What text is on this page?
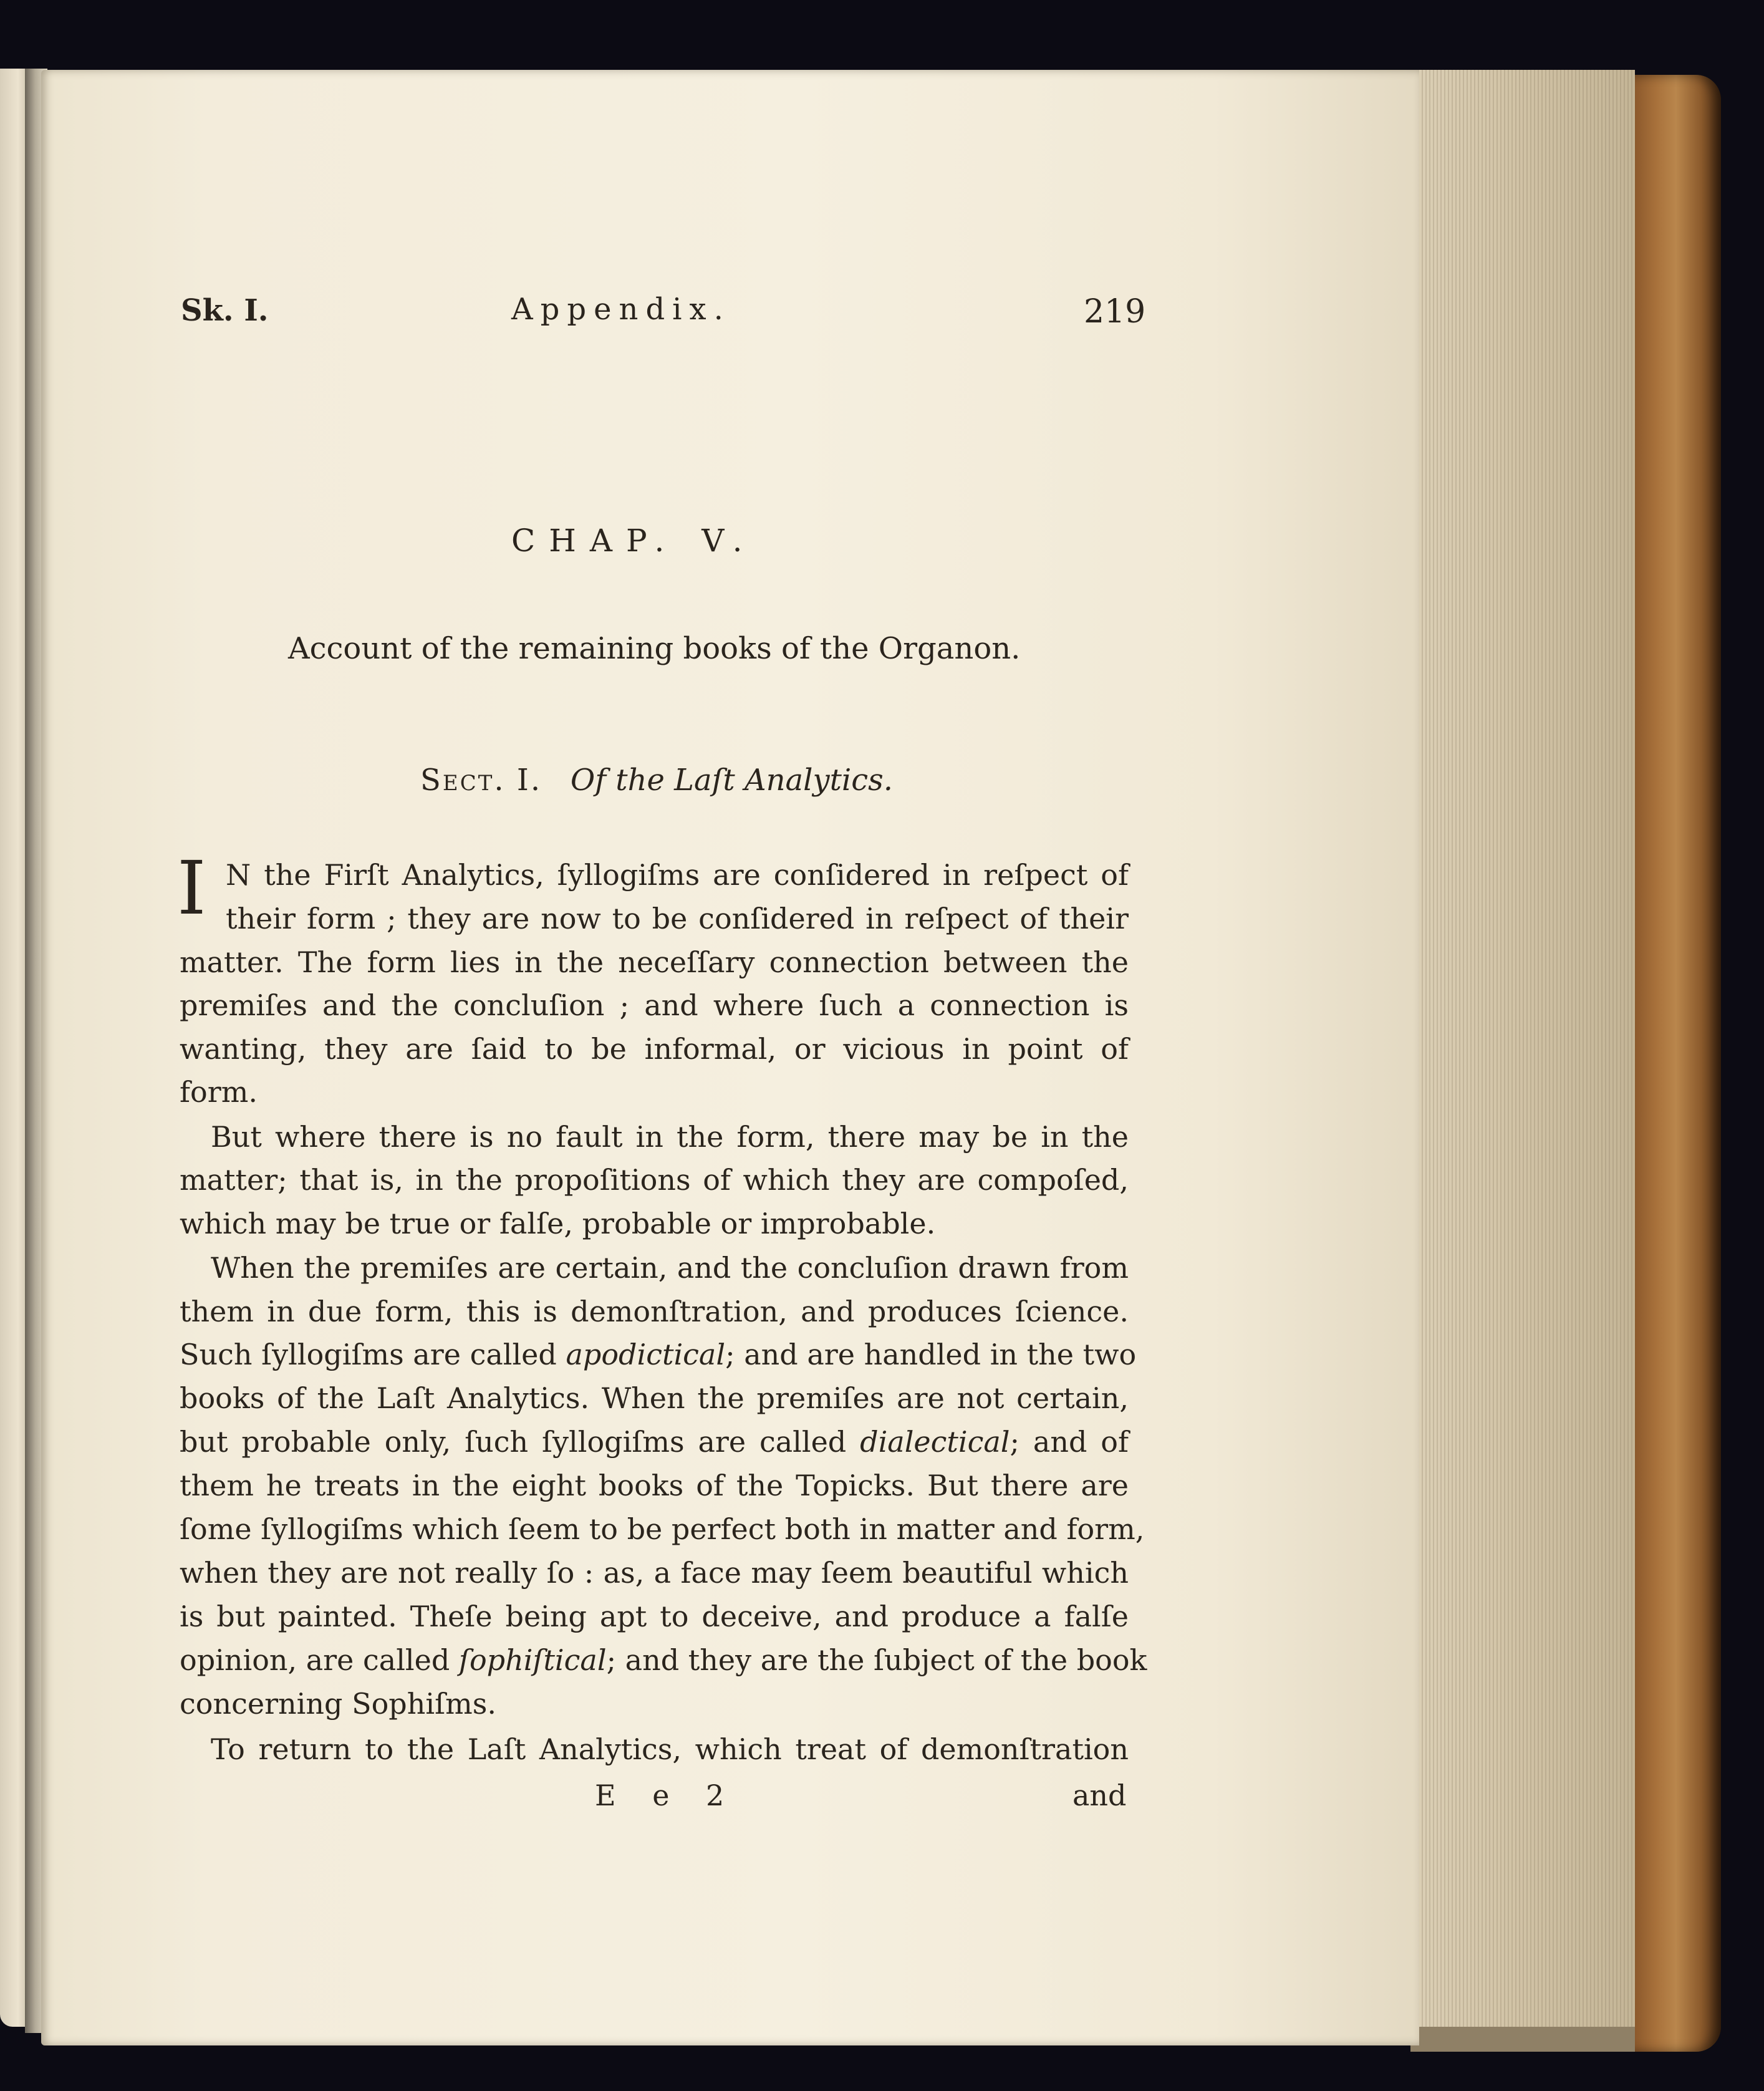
Sk. I.	Appendix.	219
CHAP. V.
Account of the remaining books of the Organon.
Sect. I. Of the Laſt Analytics.
I N the Firſt Analytics, ſyllogiſms are conſidered in reſpect of
their form ; they are now to be conſidered in reſpect of their
matter. The form lies in the neceſſary connection between the
premiſes and the concluſion ; and where ſuch a connection is
wanting, they are ſaid to be informal, or vicious in point of
form.
But where there is no fault in the form, there may be in the
matter; that is, in the propoſitions of which they are compoſed,
which may be true or falſe, probable or improbable.
When the premiſes are certain, and the concluſion drawn from
them in due form, this is demonſtration, and produces ſcience.
Such ſyllogiſms are called apodictical; and are handled in the two
books of the Laſt Analytics. When the premiſes are not certain,
but probable only, ſuch ſyllogiſms are called dialectical; and of
them he treats in the eight books of the Topicks. But there are
ſome ſyllogiſms which ſeem to be perfect both in matter and form,
when they are not really ſo : as, a face may ſeem beautiful which
is but painted. Theſe being apt to deceive, and produce a falſe
opinion, are called ſophiſtical; and they are the ſubject of the book
concerning Sophiſms.
To return to the Laſt Analytics, which treat of demonſtration
E e 2	and
